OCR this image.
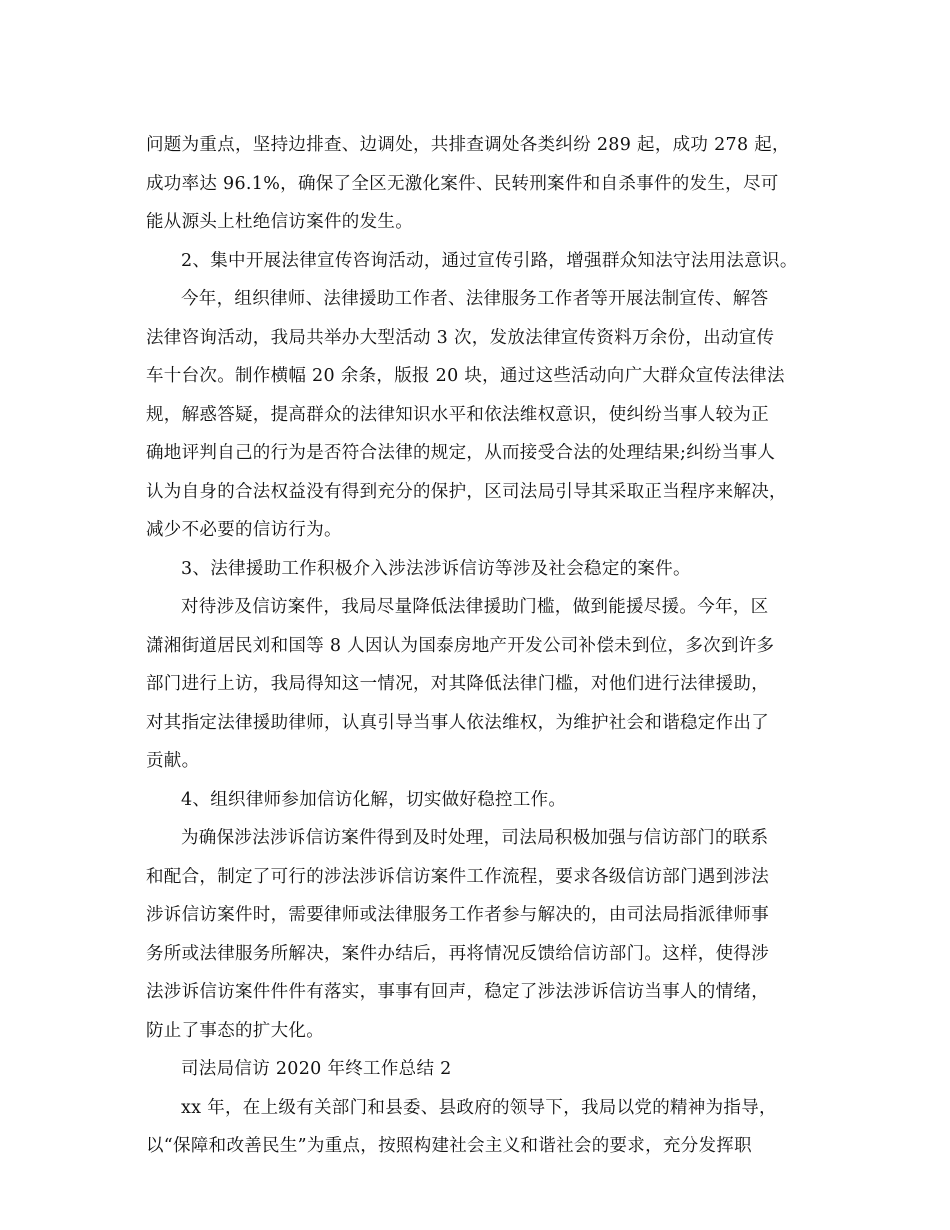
问题为重点，坚持边排查、边调处，共排查调处各类纠纷 289 起，成功 278 起，
成功率达 96.1%，确保了全区无激化案件、民转刑案件和自杀事件的发生，尽可
能从源头上杜绝信访案件的发生。
2、集中开展法律宣传咨询活动，通过宣传引路，增强群众知法守法用法意识。
今年，组织律师、法律援助工作者、法律服务工作者等开展法制宣传、解答
法律咨询活动，我局共举办大型活动 3 次，发放法律宣传资料万余份，出动宣传
车十台次。制作横幅 20 余条，版报 20 块，通过这些活动向广大群众宣传法律法
规，解惑答疑，提高群众的法律知识水平和依法维权意识，使纠纷当事人较为正
确地评判自己的行为是否符合法律的规定，从而接受合法的处理结果;纠纷当事人
认为自身的合法权益没有得到充分的保护，区司法局引导其采取正当程序来解决，
减少不必要的信访行为。
3、法律援助工作积极介入涉法涉诉信访等涉及社会稳定的案件。
对待涉及信访案件，我局尽量降低法律援助门槛，做到能援尽援。今年，区
潇湘街道居民刘和国等 8 人因认为国泰房地产开发公司补偿未到位，多次到许多
部门进行上访，我局得知这一情况，对其降低法律门槛，对他们进行法律援助，
对其指定法律援助律师，认真引导当事人依法维权，为维护社会和谐稳定作出了
贡献。
4、组织律师参加信访化解，切实做好稳控工作。
为确保涉法涉诉信访案件得到及时处理，司法局积极加强与信访部门的联系
和配合，制定了可行的涉法涉诉信访案件工作流程，要求各级信访部门遇到涉法
涉诉信访案件时，需要律师或法律服务工作者参与解决的，由司法局指派律师事
务所或法律服务所解决，案件办结后，再将情况反馈给信访部门。这样，使得涉
法涉诉信访案件件件有落实，事事有回声，稳定了涉法涉诉信访当事人的情绪，
防止了事态的扩大化。
司法局信访 2020 年终工作总结 2
xx 年，在上级有关部门和县委、县政府的领导下，我局以党的精神为指导，
以“保障和改善民生”为重点，按照构建社会主义和谐社会的要求，充分发挥职
